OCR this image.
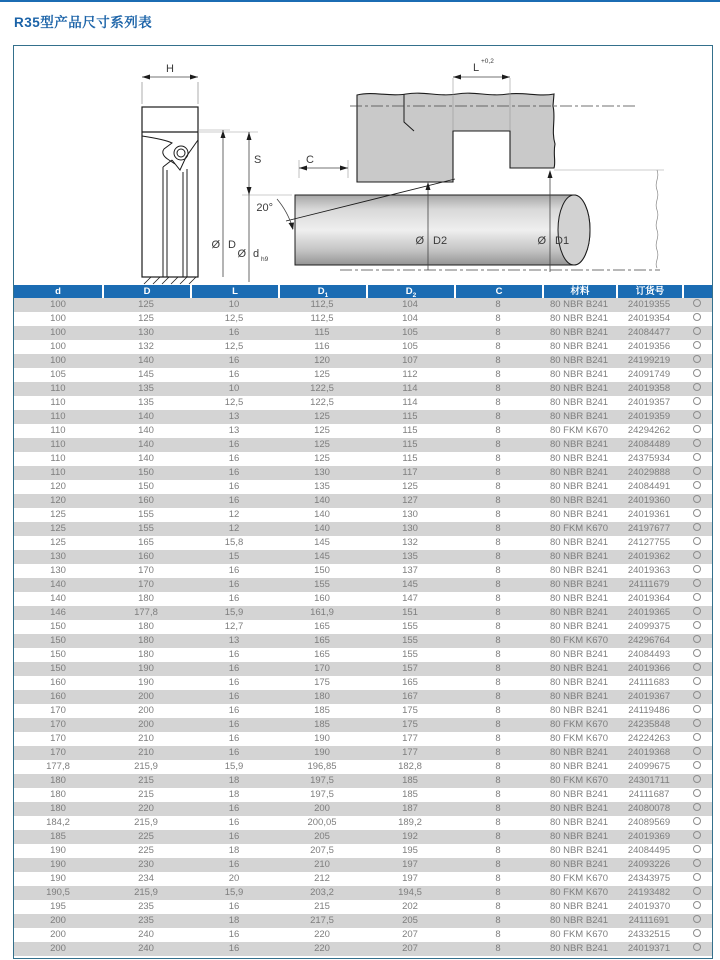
R35型产品尺寸系列表
H
Ø D
S
Ø d h9
C
20°
L
+0,2
Ø D2	Ø D1
d	D	L	$D_1$	$D_2$	C	材料	订货号
100	125	10	112,5	104	8	80 NBR B241	24019355
100	125	12,5	112,5	104	8	80 NBR B241	24019354
100	130	16	115	105	8	80 NBR B241	24084477
100	132	12,5	116	105	8	80 NBR B241	24019356
100	140	16	120	107	8	80 NBR B241	24199219
105	145	16	125	112	8	80 NBR B241	24091749
110	135	10	122,5	114	8	80 NBR B241	24019358
110	135	12,5	122,5	114	8	80 NBR B241	24019357
110	140	13	125	115	8	80 NBR B241	24019359
110	140	13	125	115	8	80 FKM K670	24294262
110	140	16	125	115	8	80 NBR B241	24084489
110	140	16	125	115	8	80 NBR B241	24375934
110	150	16	130	117	8	80 NBR B241	24029888
120	150	16	135	125	8	80 NBR B241	24084491
120	160	16	140	127	8	80 NBR B241	24019360
125	155	12	140	130	8	80 NBR B241	24019361
125	155	12	140	130	8	80 FKM K670	24197677
125	165	15,8	145	132	8	80 NBR B241	24127755
130	160	15	145	135	8	80 NBR B241	24019362
130	170	16	150	137	8	80 NBR B241	24019363
140	170	16	155	145	8	80 NBR B241	24111679
140	180	16	160	147	8	80 NBR B241	24019364
146	177,8	15,9	161,9	151	8	80 NBR B241	24019365
150	180	12,7	165	155	8	80 NBR B241	24099375
150	180	13	165	155	8	80 FKM K670	24296764
150	180	16	165	155	8	80 NBR B241	24084493
150	190	16	170	157	8	80 NBR B241	24019366
160	190	16	175	165	8	80 NBR B241	24111683
160	200	16	180	167	8	80 NBR B241	24019367
170	200	16	185	175	8	80 NBR B241	24119486
170	200	16	185	175	8	80 FKM K670	24235848
170	210	16	190	177	8	80 FKM K670	24224263
170	210	16	190	177	8	80 NBR B241	24019368
177,8	215,9	15,9	196,85	182,8	8	80 NBR B241	24099675
180	215	18	197,5	185	8	80 FKM K670	24301711
180	215	18	197,5	185	8	80 NBR B241	24111687
180	220	16	200	187	8	80 NBR B241	24080078
184,2	215,9	16	200,05	189,2	8	80 NBR B241	24089569
185	225	16	205	192	8	80 NBR B241	24019369
190	225	18	207,5	195	8	80 NBR B241	24084495
190	230	16	210	197	8	80 NBR B241	24093226
190	234	20	212	197	8	80 FKM K670	24343975
190,5	215,9	15,9	203,2	194,5	8	80 FKM K670	24193482
195	235	16	215	202	8	80 NBR B241	24019370
200	235	18	217,5	205	8	80 NBR B241	24111691
200	240	16	220	207	8	80 FKM K670	24332515
200	240	16	220	207	8	80 NBR B241	24019371
